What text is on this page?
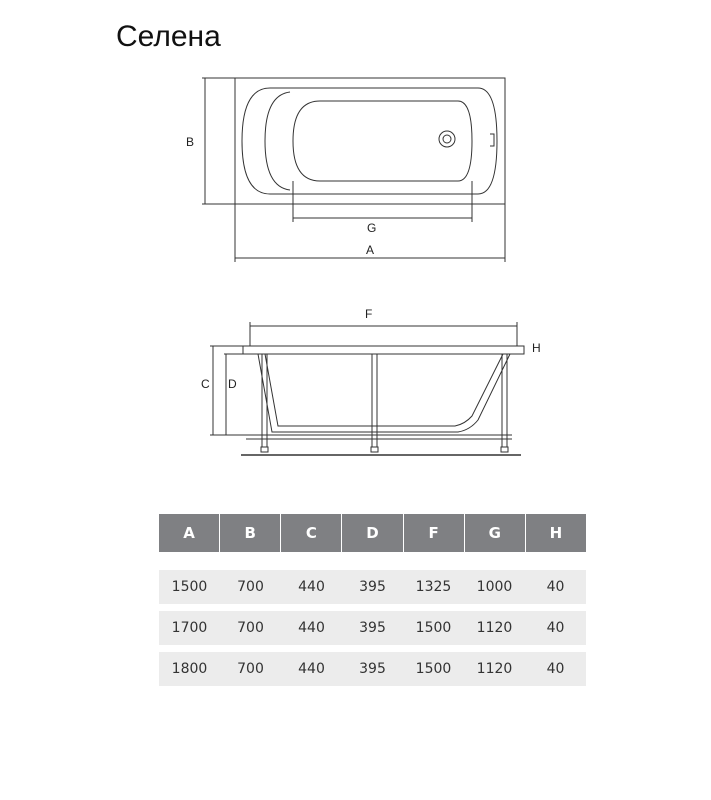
Селена
B
G
A
F
H
C D
A	B	C	D	F	G	H
1500	700	440	395	1325	1000	40
1700	700	440	395	1500	1120	40
1800	700	440	395	1500	1120	40
